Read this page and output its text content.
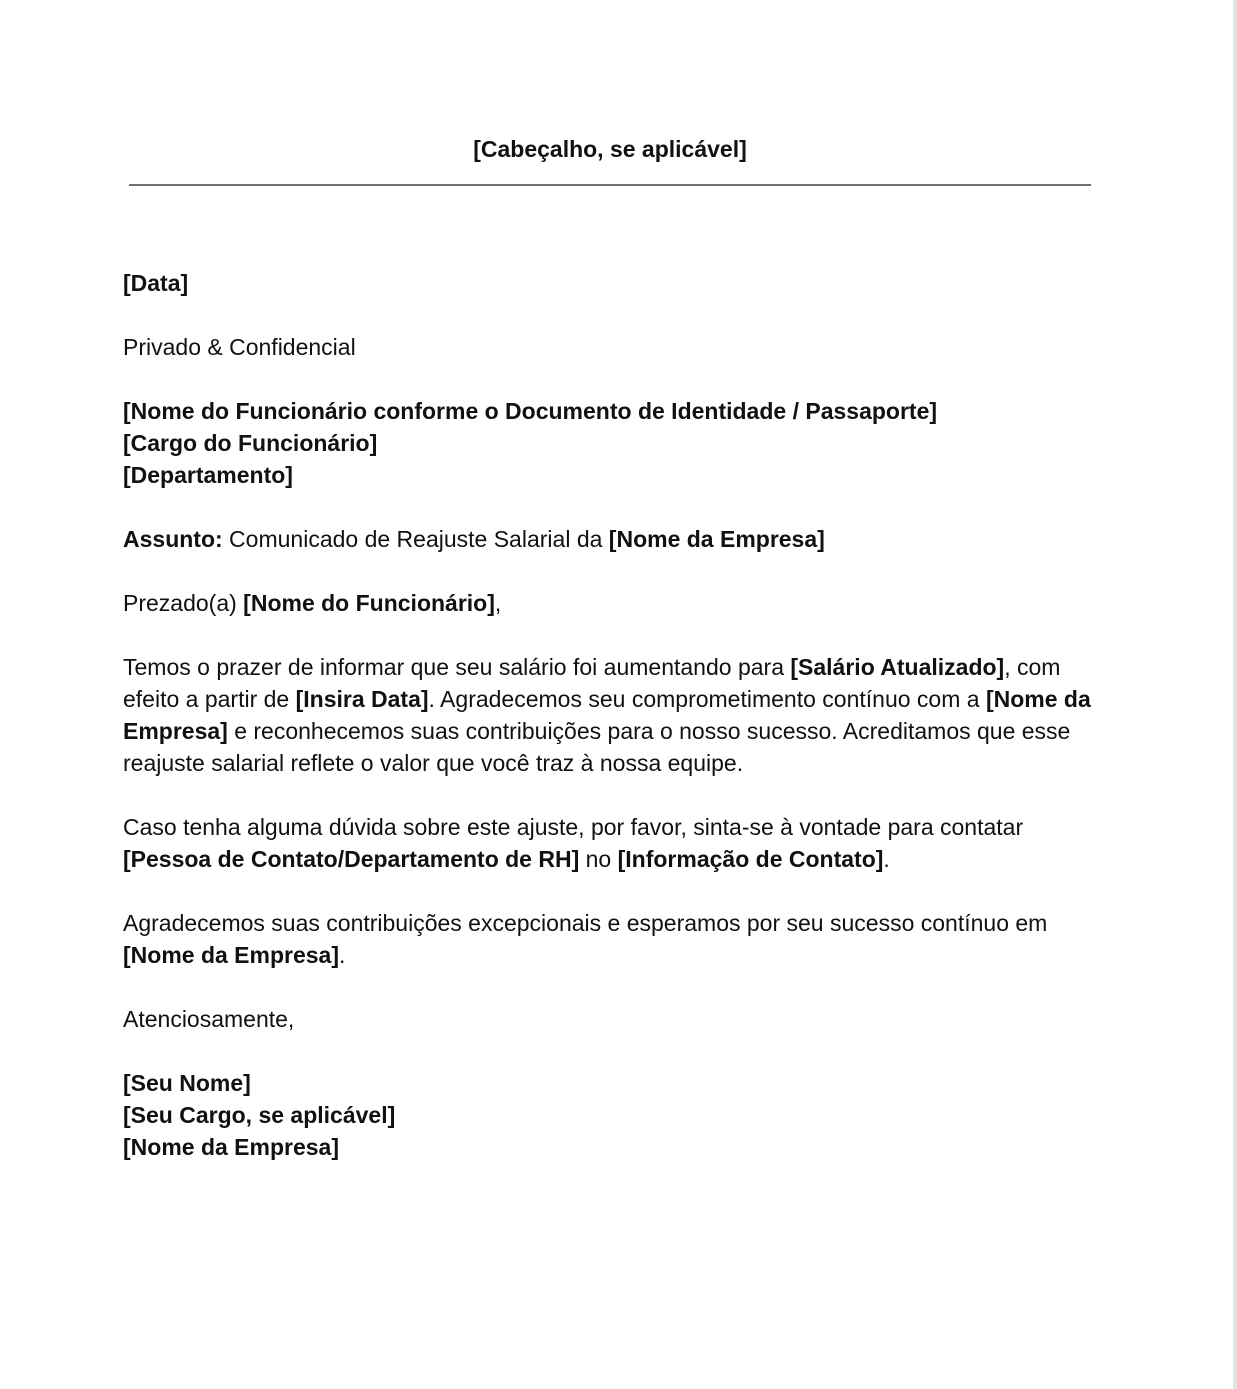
[Cabeçalho, se aplicável]

[Data]

Privado & Confidencial

[Nome do Funcionário conforme o Documento de Identidade / Passaporte]
[Cargo do Funcionário]
[Departamento]

Assunto: Comunicado de Reajuste Salarial da [Nome da Empresa]

Prezado(a) [Nome do Funcionário],

Temos o prazer de informar que seu salário foi aumentando para [Salário Atualizado], com efeito a partir de [Insira Data]. Agradecemos seu comprometimento contínuo com a [Nome da Empresa] e reconhecemos suas contribuições para o nosso sucesso. Acreditamos que esse reajuste salarial reflete o valor que você traz à nossa equipe.

Caso tenha alguma dúvida sobre este ajuste, por favor, sinta-se à vontade para contatar [Pessoa de Contato/Departamento de RH] no [Informação de Contato].

Agradecemos suas contribuições excepcionais e esperamos por seu sucesso contínuo em [Nome da Empresa].

Atenciosamente,

[Seu Nome]
[Seu Cargo, se aplicável]
[Nome da Empresa]
